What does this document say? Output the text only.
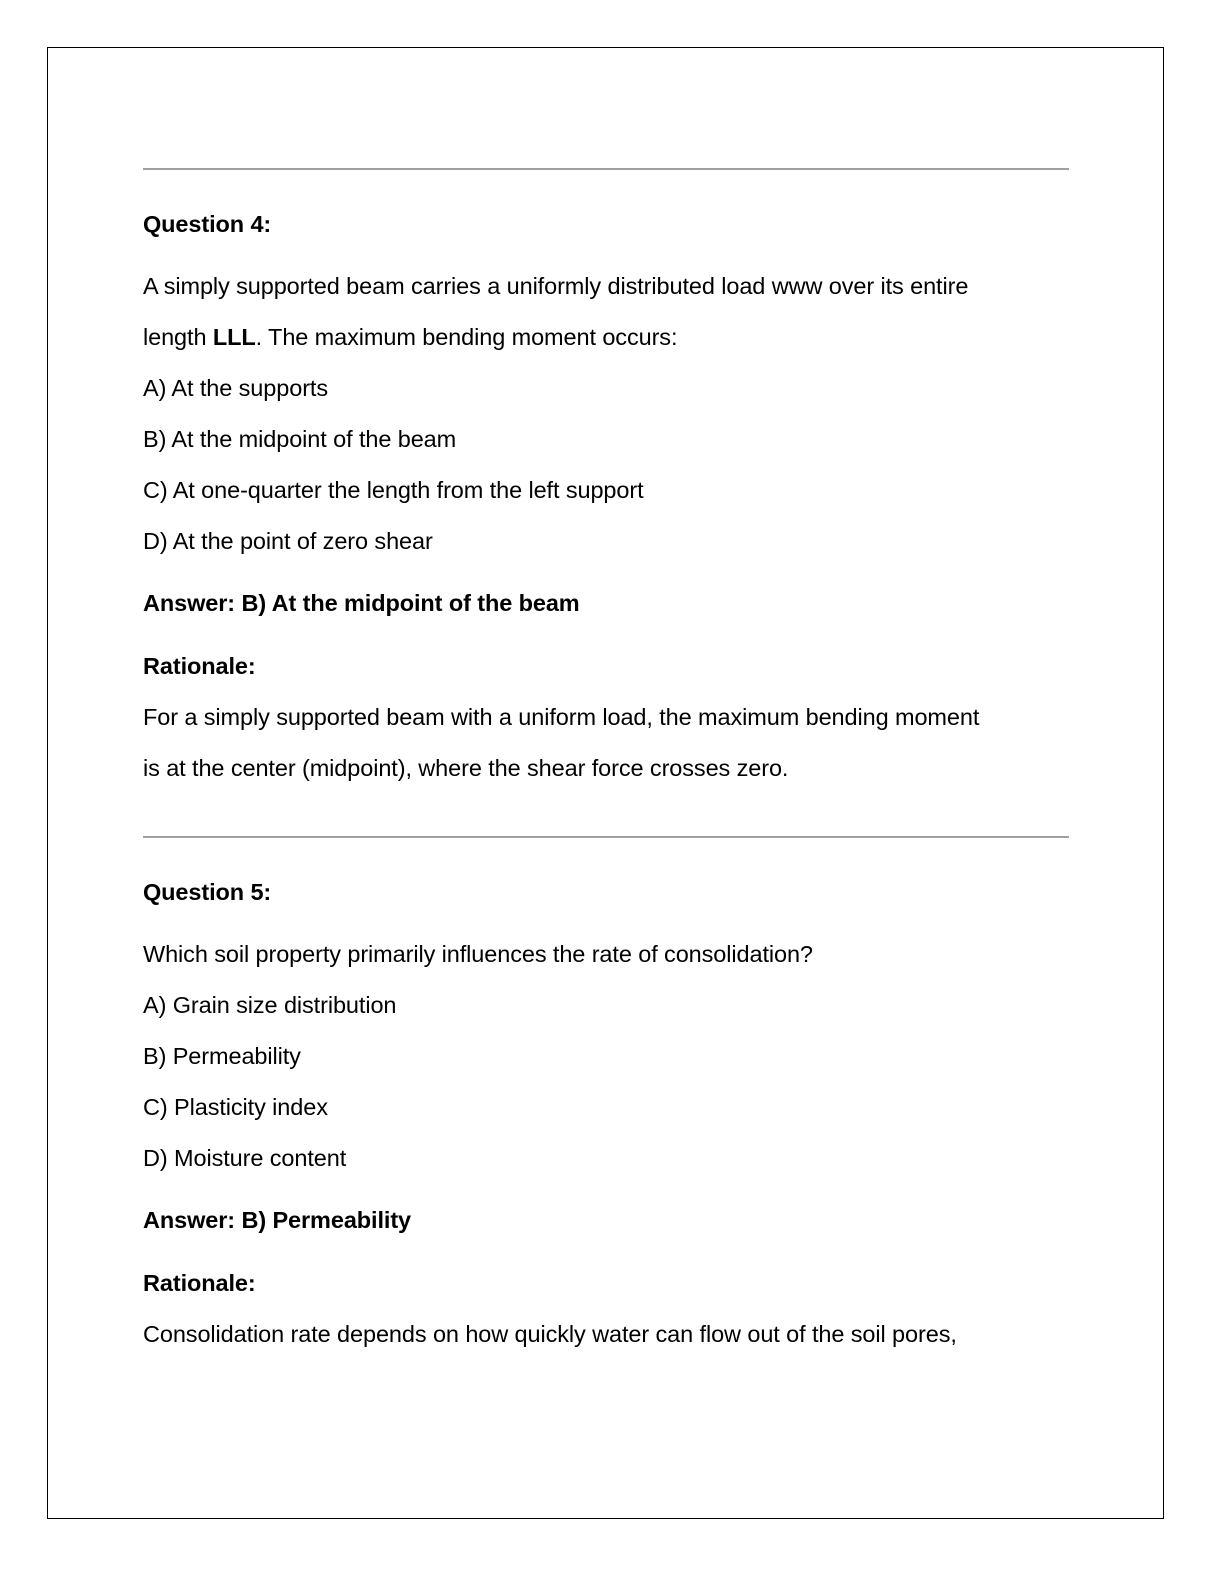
Question 4:
A simply supported beam carries a uniformly distributed load www over its entire
length LLL. The maximum bending moment occurs:
A) At the supports
B) At the midpoint of the beam
C) At one-quarter the length from the left support
D) At the point of zero shear
Answer: B) At the midpoint of the beam
Rationale:
For a simply supported beam with a uniform load, the maximum bending moment
is at the center (midpoint), where the shear force crosses zero.
Question 5:
Which soil property primarily influences the rate of consolidation?
A) Grain size distribution
B) Permeability
C) Plasticity index
D) Moisture content
Answer: B) Permeability
Rationale:
Consolidation rate depends on how quickly water can flow out of the soil pores,
